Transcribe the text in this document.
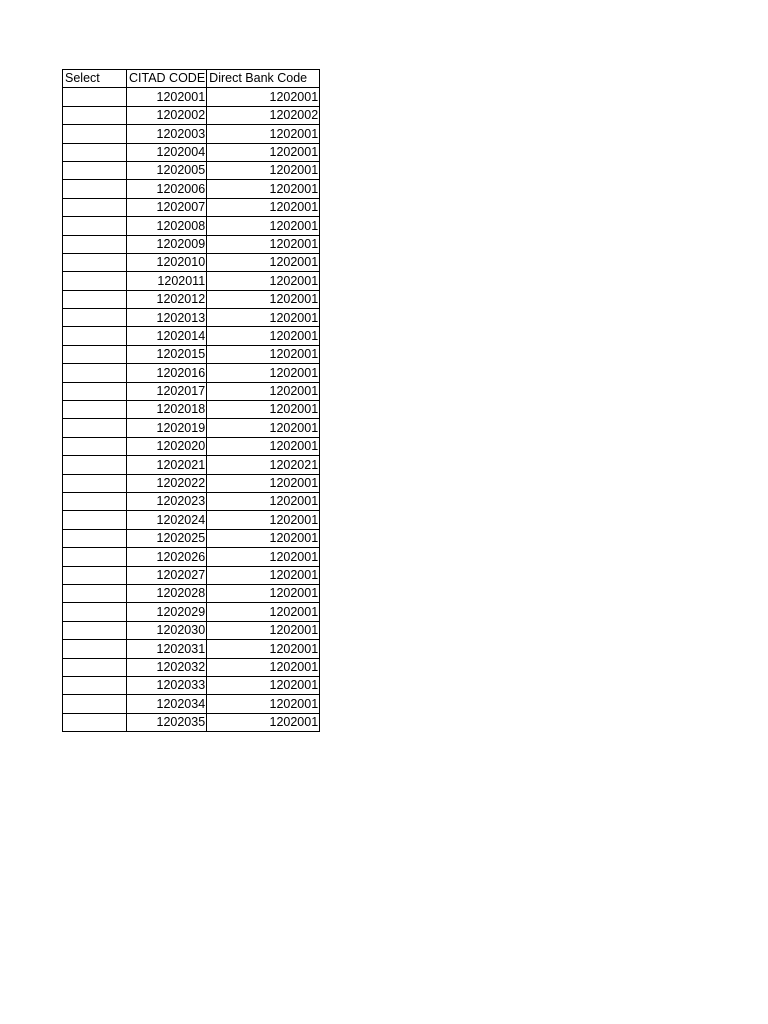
Select	CITAD CODE	Direct Bank Code
	1202001	1202001
	1202002	1202002
	1202003	1202001
	1202004	1202001
	1202005	1202001
	1202006	1202001
	1202007	1202001
	1202008	1202001
	1202009	1202001
	1202010	1202001
	1202011	1202001
	1202012	1202001
	1202013	1202001
	1202014	1202001
	1202015	1202001
	1202016	1202001
	1202017	1202001
	1202018	1202001
	1202019	1202001
	1202020	1202001
	1202021	1202021
	1202022	1202001
	1202023	1202001
	1202024	1202001
	1202025	1202001
	1202026	1202001
	1202027	1202001
	1202028	1202001
	1202029	1202001
	1202030	1202001
	1202031	1202001
	1202032	1202001
	1202033	1202001
	1202034	1202001
	1202035	1202001
